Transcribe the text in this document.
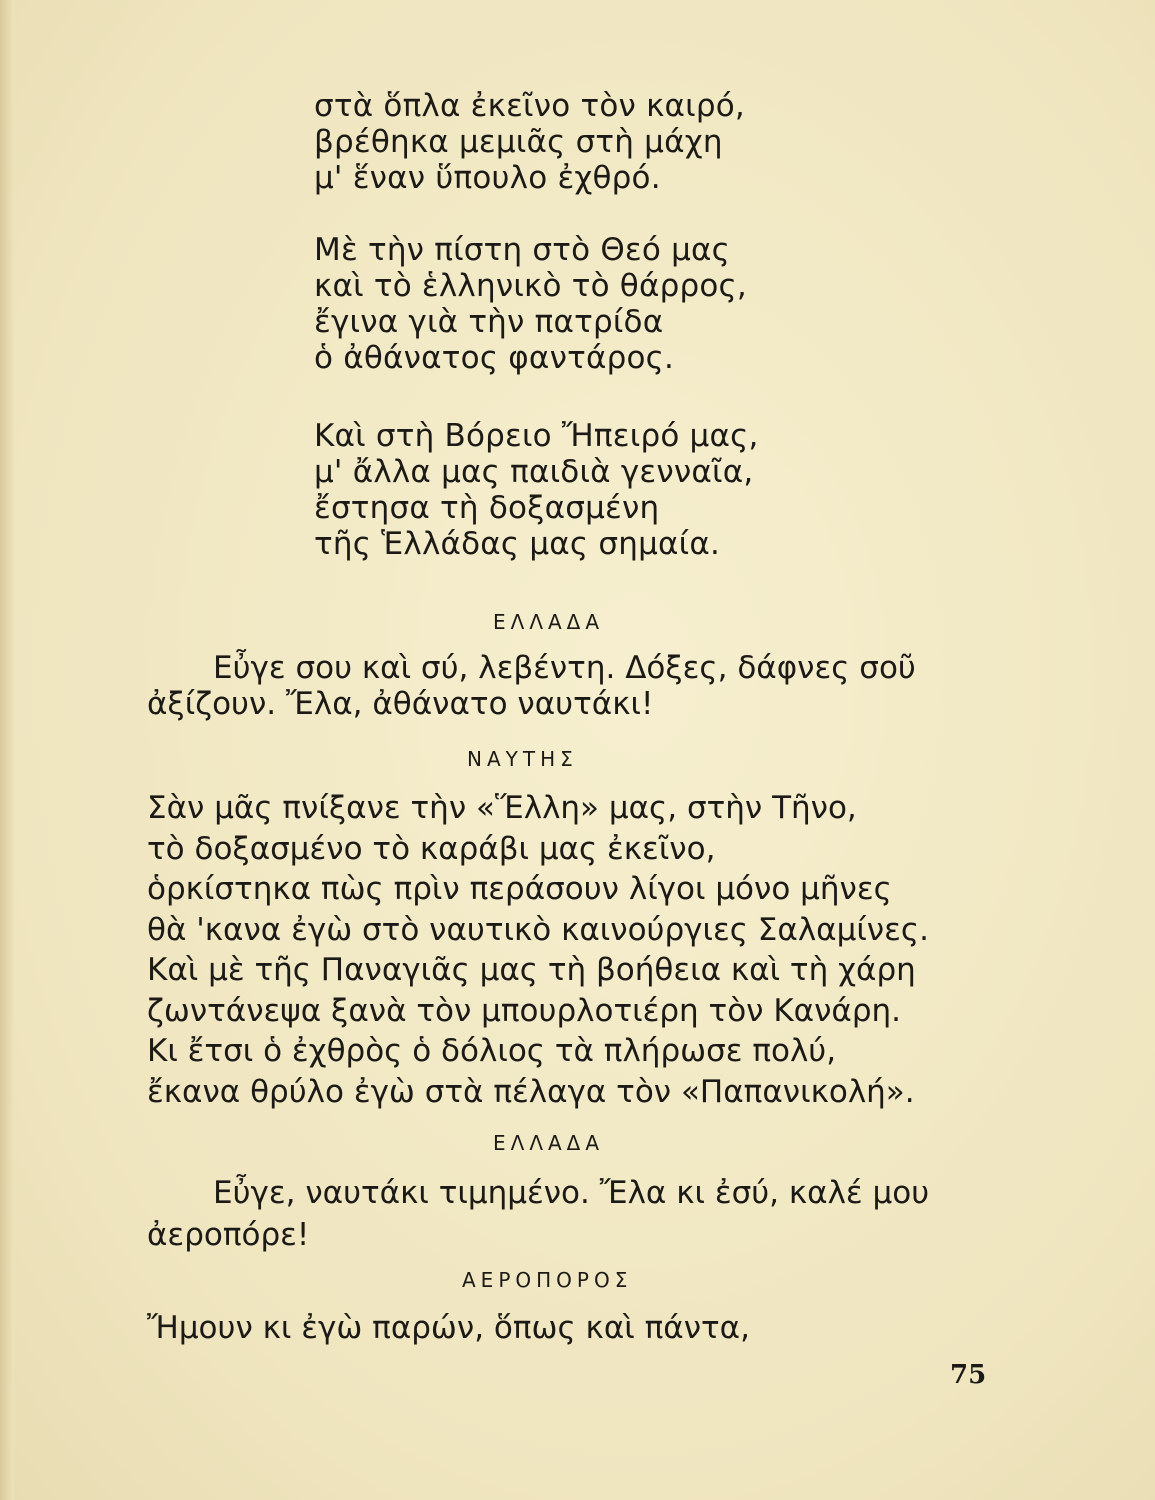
στὰ ὅπλα ἐκεῖνο τὸν καιρό,
βρέθηκα μεμιᾶς στὴ μάχη
μ' ἕναν ὕπουλο ἐχθρό.
Μὲ τὴν πίστη στὸ Θεό μας
καὶ τὸ ἑλληνικὸ τὸ θάρρος,
ἔγινα γιὰ τὴν πατρίδα
ὁ ἀθάνατος φαντάρος.
Καὶ στὴ Βόρειο Ἤπειρό μας,
μ' ἄλλα μας παιδιὰ γενναῖα,
ἔστησα τὴ δοξασμένη
τῆς Ἑλλάδας μας σημαία.
ΕΛΛΑΔΑ
Εὖγε σου καὶ σύ, λεβέντη. Δόξες, δάφνες σοῦ
ἀξίζουν. Ἔλα, ἀθάνατο ναυτάκι!
ΝΑΥΤΗΣ
Σὰν μᾶς πνίξανε τὴν «Ἕλλη» μας, στὴν Τῆνο,
τὸ δοξασμένο τὸ καράβι μας ἐκεῖνο,
ὁρκίστηκα πὼς πρὶν περάσουν λίγοι μόνο μῆνες
θὰ 'κανα ἐγὼ στὸ ναυτικὸ καινούργιες Σαλαμίνες.
Καὶ μὲ τῆς Παναγιᾶς μας τὴ βοήθεια καὶ τὴ χάρη
ζωντάνεψα ξανὰ τὸν μπουρλοτιέρη τὸν Κανάρη.
Κι ἔτσι ὁ ἐχθρὸς ὁ δόλιος τὰ πλήρωσε πολύ,
ἔκανα θρύλο ἐγὼ στὰ πέλαγα τὸν «Παπανικολή».
ΕΛΛΑΔΑ
Εὖγε, ναυτάκι τιμημένο. Ἔλα κι ἐσύ, καλέ μου
ἀεροπόρε!
ΑΕΡΟΠΟΡΟΣ
Ἤμουν κι ἐγὼ παρών, ὅπως καὶ πάντα,
75
